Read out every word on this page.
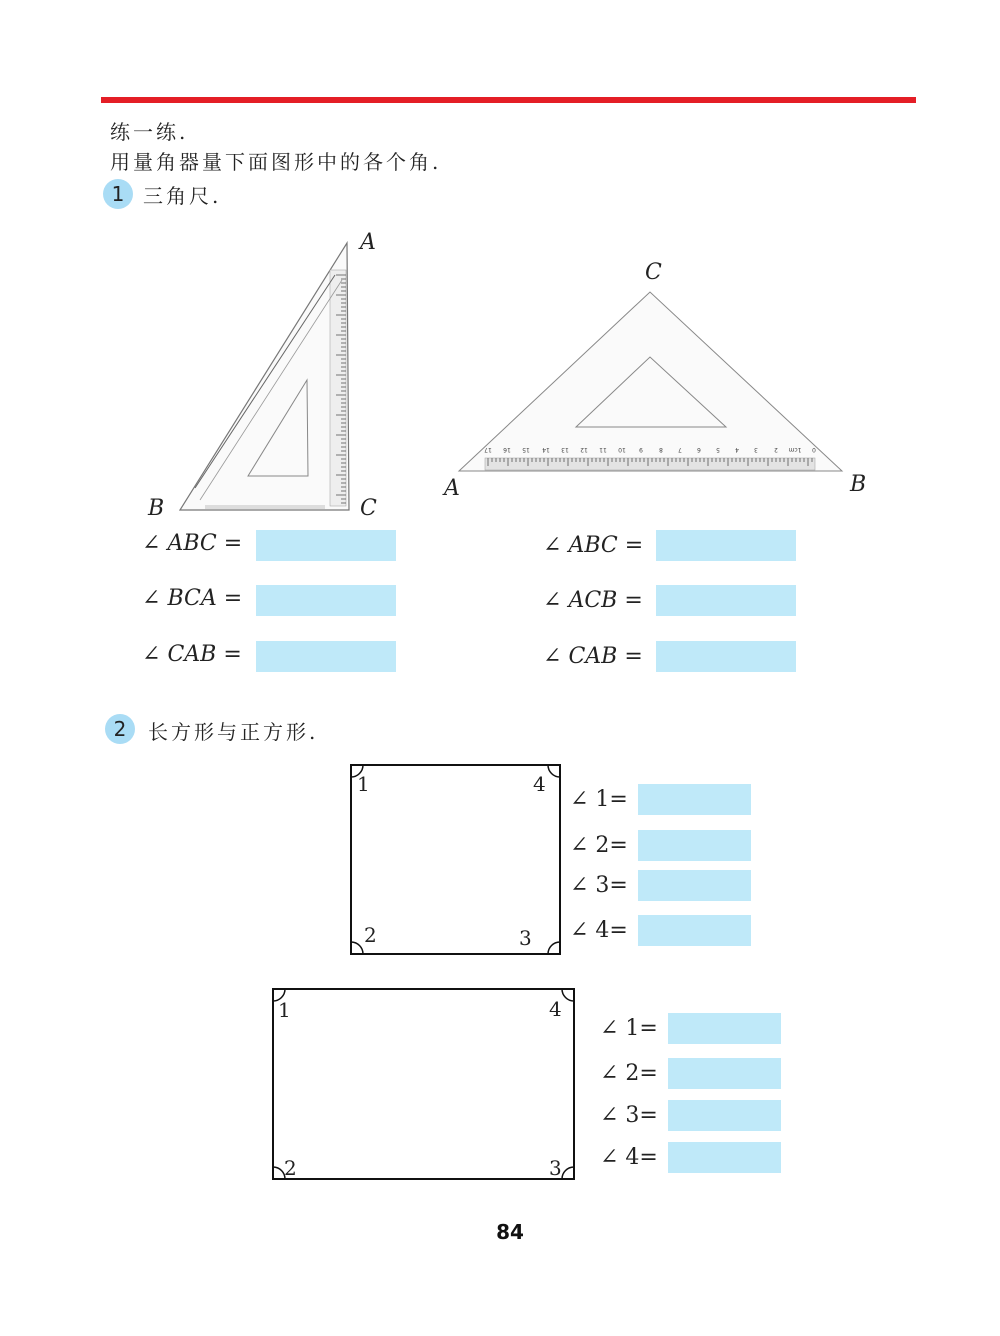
练一练.
用量角器量下面图形中的各个角.
1 三角尺.
17	16	15	14	13	12	11	10	9	8	7	6	5	4	3	2	1cm	0
A
B	C
C
A	B
∠ ABC =
∠ BCA =
∠ CAB =
∠ ABC =
∠ ACB =
∠ CAB =
2	长方形与正方形.
1	4
2	3
∠ 1=
∠ 2=
∠ 3=
∠ 4=
1	4
2	3
∠ 1=
∠ 2=
∠ 3=
∠ 4=
84
